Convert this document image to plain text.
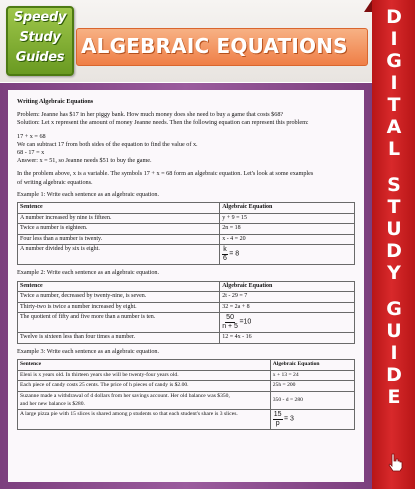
Speedy
Study
Guides ALGEBRAIC EQUATIONS
D
I
G
I
T
A
L
S
T
U
D
Y
G
U
I
D
E

Writing Algebraic Equations

Problem: Jeanne has $17 in her piggy bank. How much money does she need to buy a game that costs $68?

Solution: Let x represent the amount of money Jeanne needs. Then the following equation can represent this problem:

17 + x = 68

We can subtract 17 from both sides of the equation to find the value of x.

68 - 17 = x

Answer: x = 51, so Jeanne needs $51 to buy the game.

In the problem above, x is a variable. The symbols 17 + x = 68 form an algebraic equation. Let's look at some examples

of writing algebraic equations.

Example 1: Write each sentence as an algebraic equation.

Sentence	Algebraic Equation
A number increased by nine is fifteen.	y + 9 = 15
Twice a number is eighteen.	2n = 18
Four less than a number is twenty.	x - 4 = 20
A number divided by six is eight.	$\frac{k}{6} = 8$

Example 2: Write each sentence as an algebraic equation.

Sentence	Algebraic Equation
Twice a number, decreased by twenty-nine, is seven.	2t - 29 = 7
Thirty-two is twice a number increased by eight.	32 = 2a + 8
The quotient of fifty and five more than a number is ten.	$\frac{50}{n + 5} =10$
Twelve is sixteen less than four times a number.	12 = 4x - 16

Example 3: Write each sentence as an algebraic equation.

Sentence	Algebraic Equation
Eleni is x years old. In thirteen years she will be twenty-four years old.	x + 13 = 24
Each piece of candy costs 25 cents. The price of h pieces of candy is $2.00.	25h = 200

Suzanne made a withdrawal of d dollars from her savings account. Her old balance was $350,
and her new balance is $280.	350 - d = 280
A large pizza pie with 15 slices is shared among p students so that each student's share is 3 slices.	$\frac{15}{p} = 3$
